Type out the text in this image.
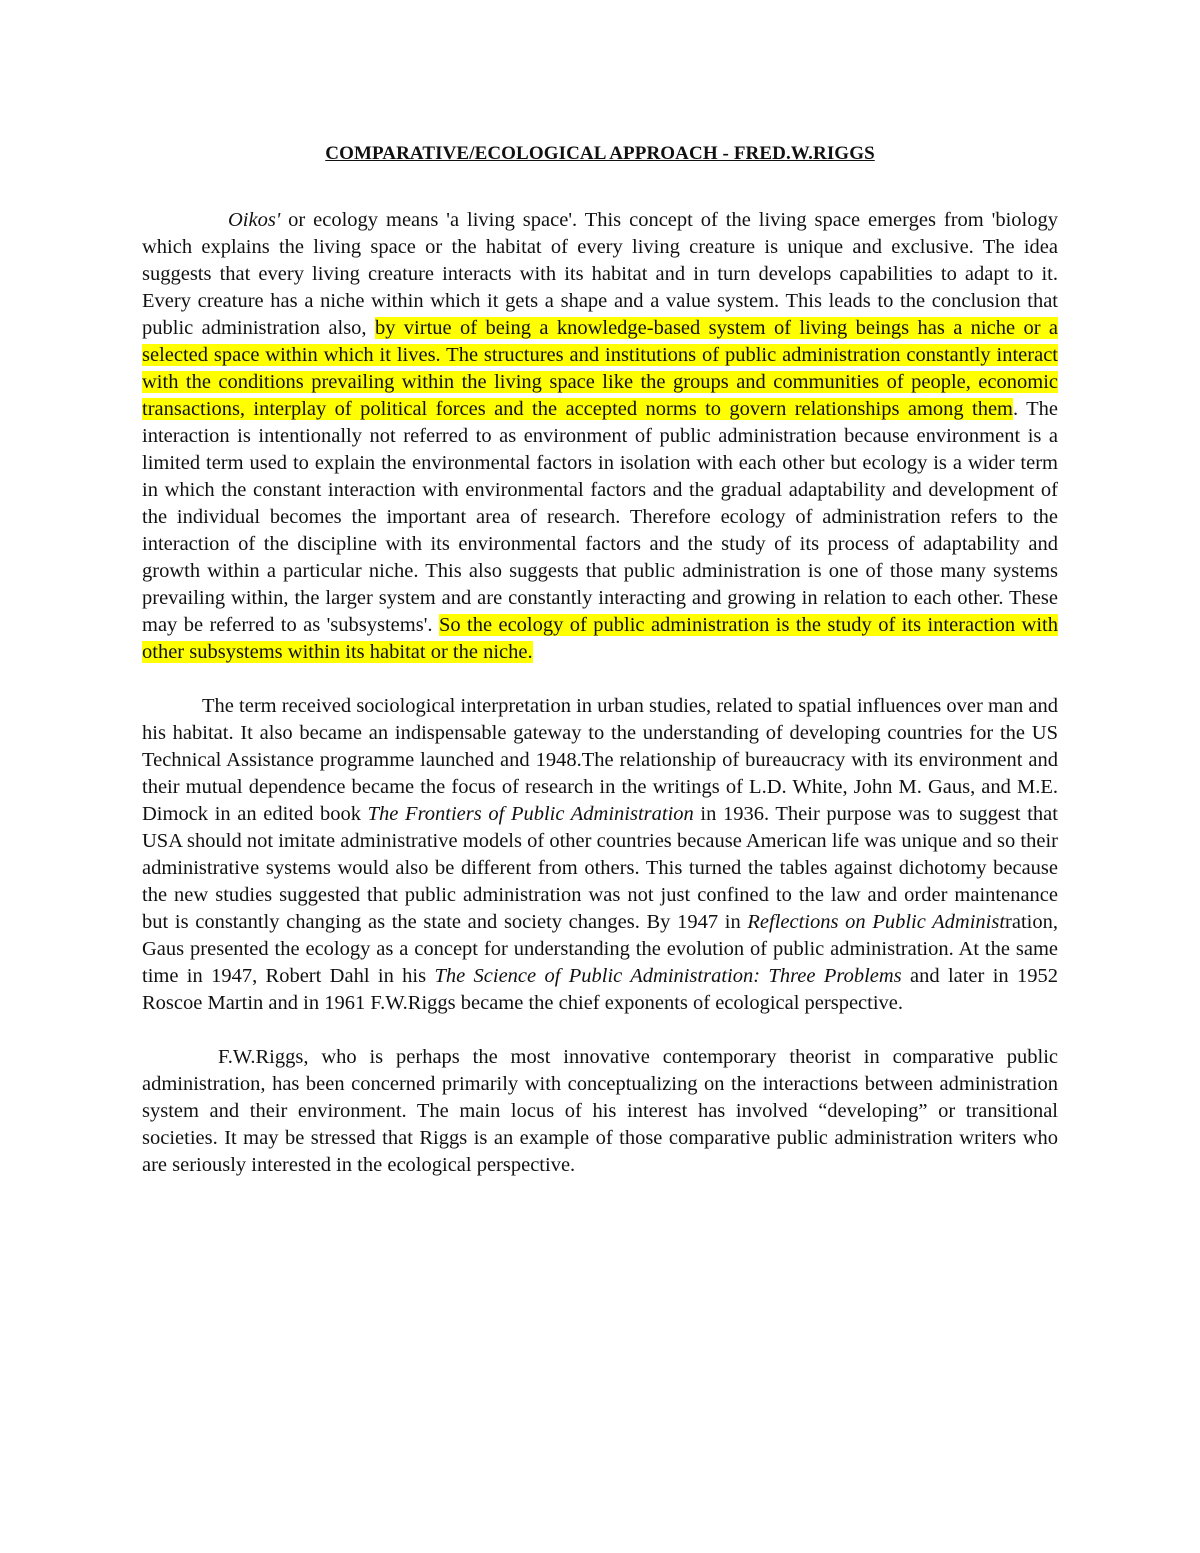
COMPARATIVE/ECOLOGICAL APPROACH - FRED.W.RIGGS

Oikos' or ecology means 'a living space'. This concept of the living space emerges from 'biology which explains the living space or the habitat of every living creature is unique and exclusive. The idea suggests that every living creature interacts with its habitat and in turn develops capabilities to adapt to it. Every creature has a niche within which it gets a shape and a value system. This leads to the conclusion that public administration also, by virtue of being a knowledge-based system of living beings has a niche or a selected space within which it lives. The structures and institutions of public administration constantly interact with the conditions prevailing within the living space like the groups and communities of people, economic transactions, interplay of political forces and the accepted norms to govern relationships among them. The interaction is intentionally not referred to as environment of public administration because environment is a limited term used to explain the environmental factors in isolation with each other but ecology is a wider term in which the constant interaction with environmental factors and the gradual adaptability and development of the individual becomes the important area of research. Therefore ecology of administration refers to the interaction of the discipline with its environmental factors and the study of its process of adaptability and growth within a particular niche. This also suggests that public administration is one of those many systems prevailing within, the larger system and are constantly interacting and growing in relation to each other. These may be referred to as 'subsystems'. So the ecology of public administration is the study of its interaction with other subsystems within its habitat or the niche.

The term received sociological interpretation in urban studies, related to spatial influences over man and his habitat. It also became an indispensable gateway to the understanding of developing countries for the US Technical Assistance programme launched and 1948.The relationship of bureaucracy with its environment and their mutual dependence became the focus of research in the writings of L.D. White, John M. Gaus, and M.E. Dimock in an edited book The Frontiers of Public Administration in 1936. Their purpose was to suggest that USA should not imitate administrative models of other countries because American life was unique and so their administrative systems would also be different from others. This turned the tables against dichotomy because the new studies suggested that public administration was not just confined to the law and order maintenance but is constantly changing as the state and society changes. By 1947 in Reflections on Public Administration, Gaus presented the ecology as a concept for understanding the evolution of public administration. At the same time in 1947, Robert Dahl in his The Science of Public Administration: Three Problems and later in 1952 Roscoe Martin and in 1961 F.W.Riggs became the chief exponents of ecological perspective.

F.W.Riggs, who is perhaps the most innovative contemporary theorist in comparative public administration, has been concerned primarily with conceptualizing on the interactions between administration system and their environment. The main locus of his interest has involved “developing” or transitional societies. It may be stressed that Riggs is an example of those comparative public administration writers who are seriously interested in the ecological perspective.
